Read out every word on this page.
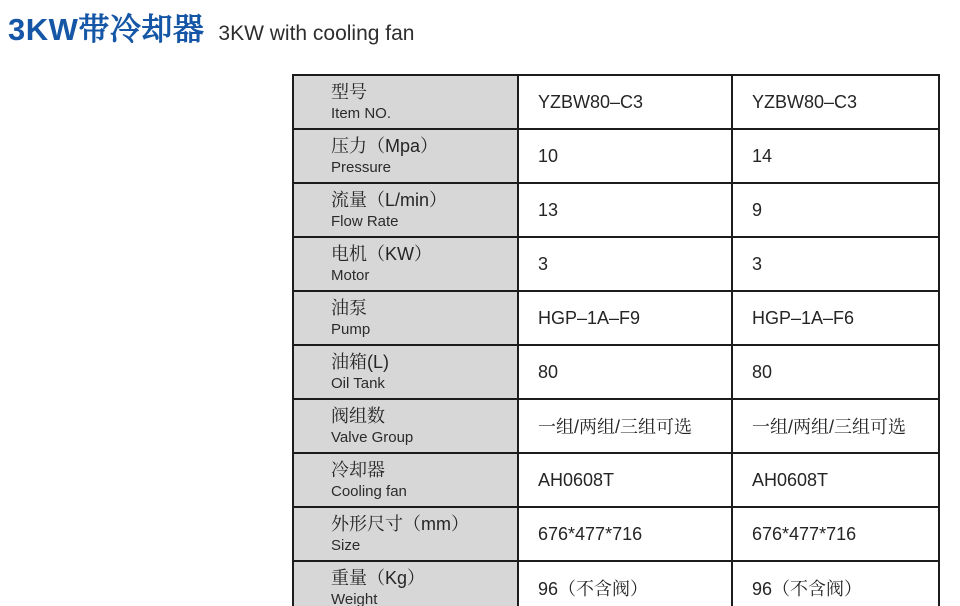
3KW带冷却器 3KW with cooling fan
型号
Item NO.	YZBW80–C3	YZBW80–C3

压力（Mpa）
Pressure	10	14

流量（L/min）
Flow Rate	13	9

电机（KW）
Motor	3	3

油泵
Pump	HGP–1A–F9	HGP–1A–F6

油箱(L)
Oil Tank	80	80

阀组数
Valve Group	一组/两组/三组可选	一组/两组/三组可选

冷却器
Cooling fan	AH0608T	AH0608T

外形尺寸（mm）
Size	676*477*716	676*477*716

重量（Kg）
Weight	96（不含阀）	96（不含阀）
